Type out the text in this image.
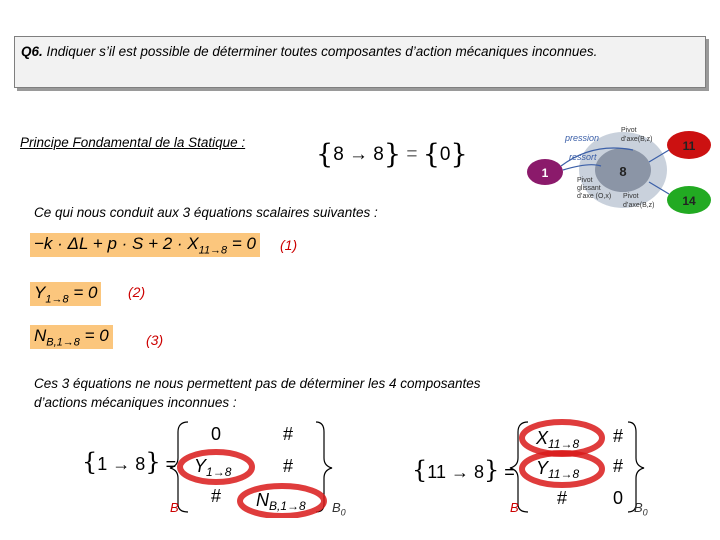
Q6. Indiquer s’il est possible de déterminer toutes composantes d’action mécaniques inconnues.
Principe Fondamental de la Statique :	{8 → 8} = {0}
8
1
11
14
pression
ressort
Pivot
d’axe(B,z)
Pivot
glissant
d’axe (O,x) Pivot
d’axe(B,z)
Ce qui nous conduit aux 3 équations scalaires suivantes :
$-k \cdot \Delta L + p \cdot S + 2 \cdot X_{11\to 8} = 0$ (1)
$Y_{1\to 8} = 0$ (2)
$N_{B,1\to 8} = 0$	(3)
Ces 3 équations ne nous permettent pas de déterminer les 4 composantes d’actions mécaniques inconnues :
{1 → 8} =
0	#
$Y_{1\to 8}$	#
# $N_{B,1\to 8}$
B	$B_0$
{11 → 8} =
$X_{11\to 8}$ #
$Y_{11\to 8}$ #
#	0
B	$B_0$
